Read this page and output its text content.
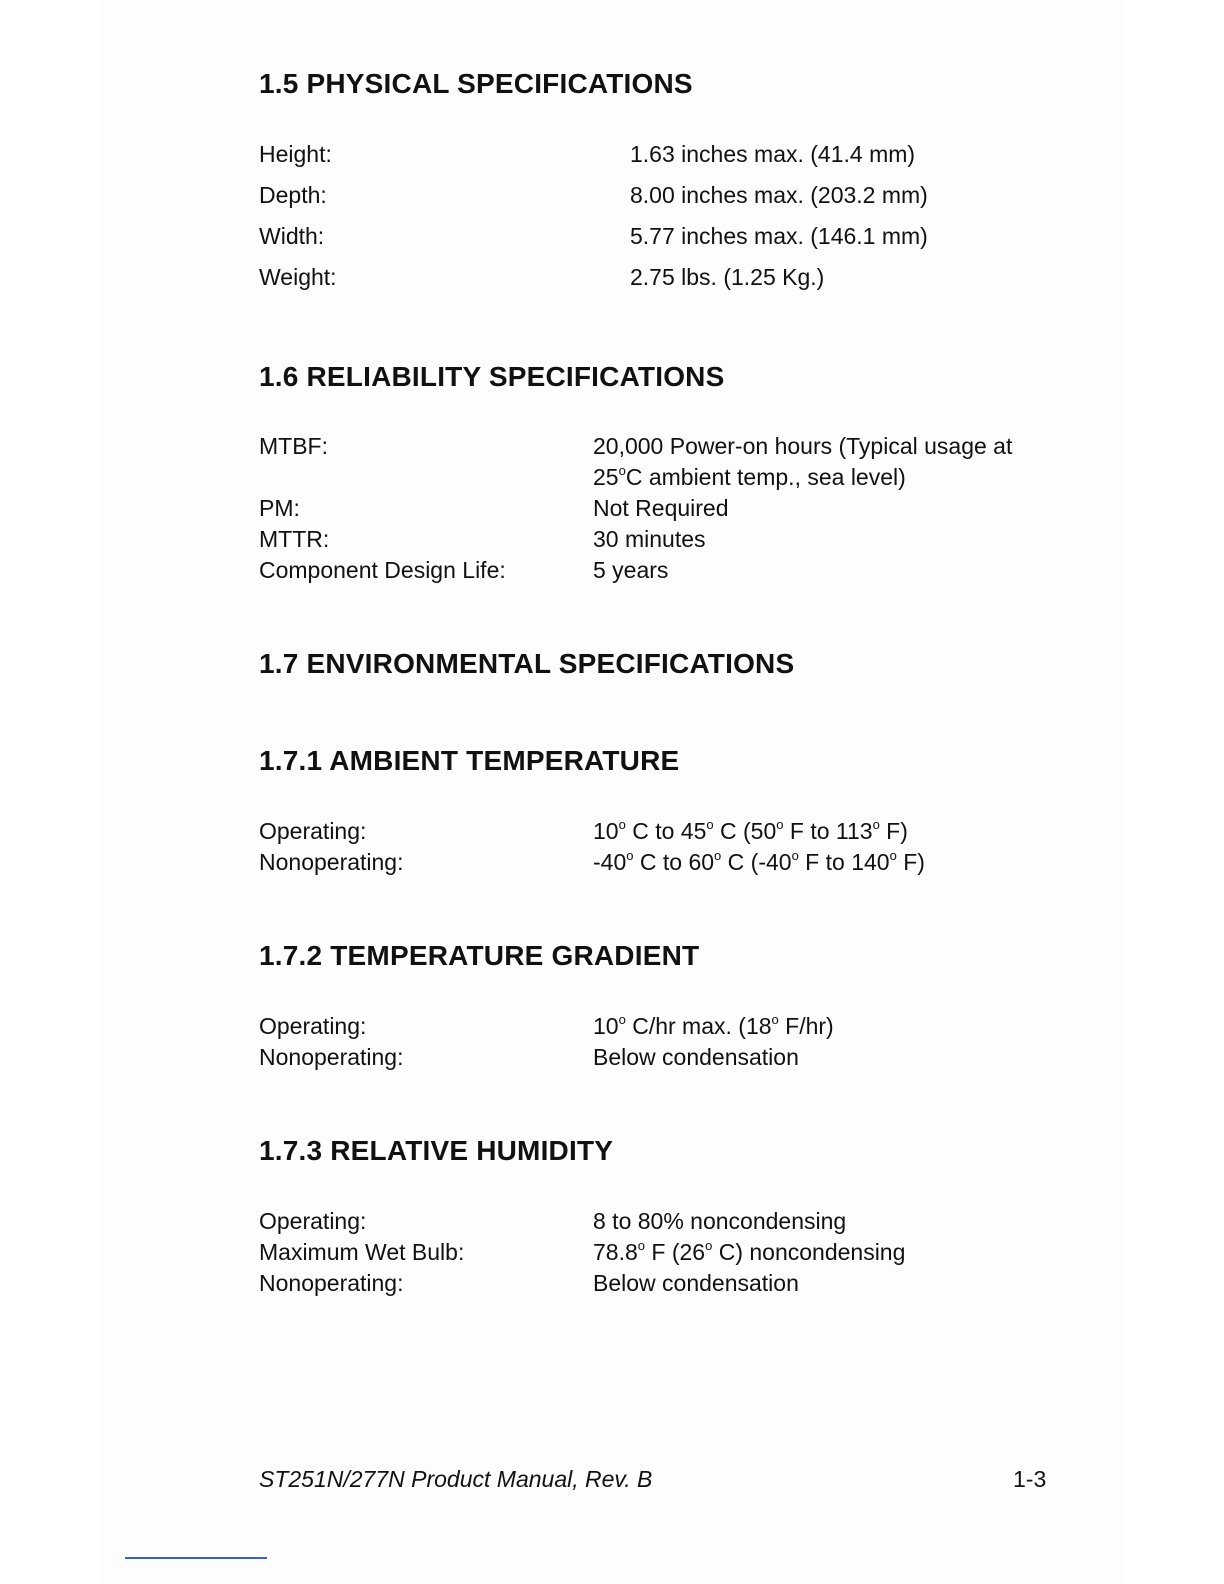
1.5 PHYSICAL SPECIFICATIONS
Height:	1.63 inches max. (41.4 mm)
Depth:	8.00 inches max. (203.2 mm)
Width:	5.77 inches max. (146.1 mm)
Weight:	2.75 lbs. (1.25 Kg.)
1.6 RELIABILITY SPECIFICATIONS
MTBF:	20,000 Power-on hours (Typical usage at
25$^o$C ambient temp., sea level)
PM:	Not Required
MTTR:	30 minutes
Component Design Life:	5 years
1.7 ENVIRONMENTAL SPECIFICATIONS
1.7.1 AMBIENT TEMPERATURE
Operating:	10$^o$ C to 45$^o$ C (50$^o$ F to 113$^o$ F)
Nonoperating:	-40$^o$ C to 60$^o$ C (-40$^o$ F to 140$^o$ F)
1.7.2 TEMPERATURE GRADIENT
Operating:	10$^o$ C/hr max. (18$^o$ F/hr)
Nonoperating:	Below condensation
1.7.3 RELATIVE HUMIDITY
Operating:	8 to 80% noncondensing
Maximum Wet Bulb:	78.8$^o$ F (26$^o$ C) noncondensing
Nonoperating:	Below condensation
ST251N/277N Product Manual, Rev. B	1-3
